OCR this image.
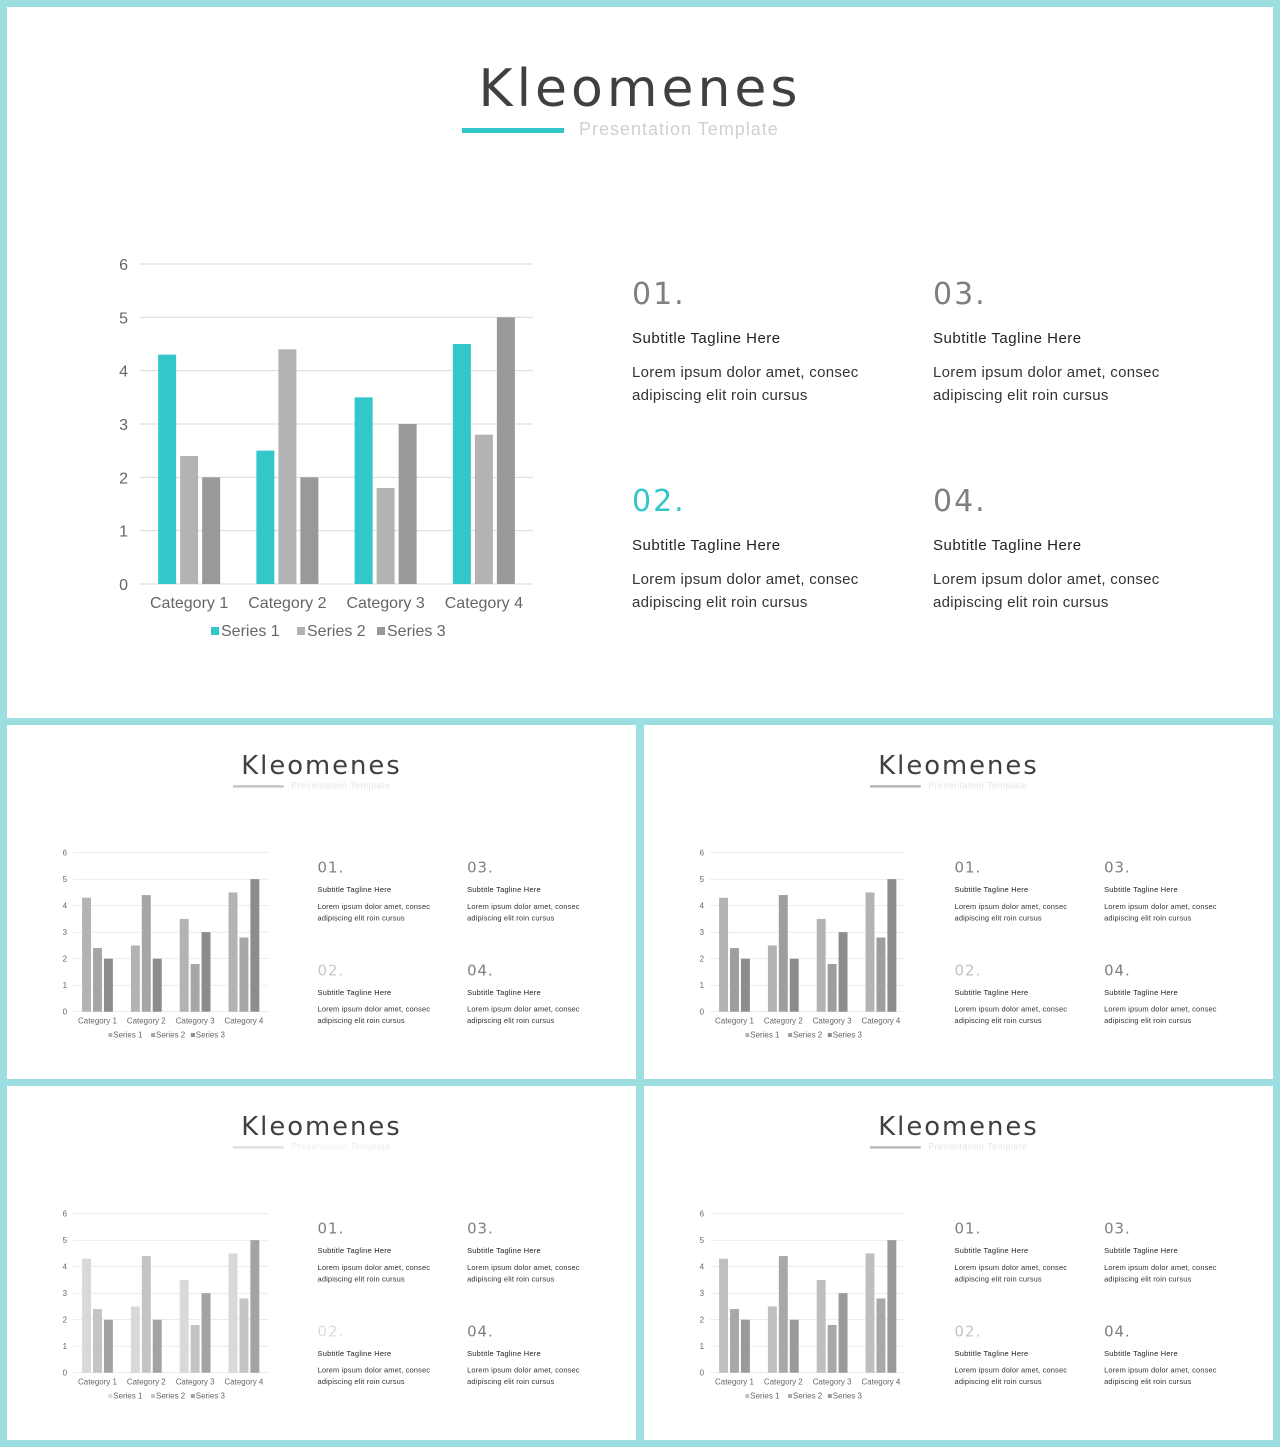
Kleomenes
Presentation Template
0
1
2
3
4
5
6
Category 1 Category 2 Category 3 Category 4
Series 1 Series 2 Series 3
01.
Subtitle Tagline Here
Lorem ipsum dolor amet, consec adipiscing elit roin cursus
02.
Subtitle Tagline Here
Lorem ipsum dolor amet, consec adipiscing elit roin cursus
03.
Subtitle Tagline Here
Lorem ipsum dolor amet, consec adipiscing elit roin cursus
04.
Subtitle Tagline Here
Lorem ipsum dolor amet, consec adipiscing elit roin cursus
Kleomenes
Presentation Template
0
1
2
3
4
5
6
Category 1 Category 2 Category 3 Category 4
Series 1 Series 2 Series 3
01.
Subtitle Tagline Here
Lorem ipsum dolor amet, consec adipiscing elit roin cursus
02.
Subtitle Tagline Here
Lorem ipsum dolor amet, consec adipiscing elit roin cursus
03.
Subtitle Tagline Here
Lorem ipsum dolor amet, consec adipiscing elit roin cursus
04.
Subtitle Tagline Here
Lorem ipsum dolor amet, consec adipiscing elit roin cursus
Kleomenes
Presentation Template
0
1
2
3
4
5
6
Category 1 Category 2 Category 3 Category 4
Series 1 Series 2 Series 3
01.
Subtitle Tagline Here
Lorem ipsum dolor amet, consec adipiscing elit roin cursus
02.
Subtitle Tagline Here
Lorem ipsum dolor amet, consec adipiscing elit roin cursus
03.
Subtitle Tagline Here
Lorem ipsum dolor amet, consec adipiscing elit roin cursus
04.
Subtitle Tagline Here
Lorem ipsum dolor amet, consec adipiscing elit roin cursus
Kleomenes
Presentation Template
0
1
2
3
4
5
6
Category 1 Category 2 Category 3 Category 4
Series 1 Series 2 Series 3
01.
Subtitle Tagline Here
Lorem ipsum dolor amet, consec adipiscing elit roin cursus
02.
Subtitle Tagline Here
Lorem ipsum dolor amet, consec adipiscing elit roin cursus
03.
Subtitle Tagline Here
Lorem ipsum dolor amet, consec adipiscing elit roin cursus
04.
Subtitle Tagline Here
Lorem ipsum dolor amet, consec adipiscing elit roin cursus
Kleomenes
Presentation Template
0
1
2
3
4
5
6
Category 1 Category 2 Category 3 Category 4
Series 1 Series 2 Series 3
01.
Subtitle Tagline Here
Lorem ipsum dolor amet, consec adipiscing elit roin cursus
02.
Subtitle Tagline Here
Lorem ipsum dolor amet, consec adipiscing elit roin cursus
03.
Subtitle Tagline Here
Lorem ipsum dolor amet, consec adipiscing elit roin cursus
04.
Subtitle Tagline Here
Lorem ipsum dolor amet, consec adipiscing elit roin cursus
